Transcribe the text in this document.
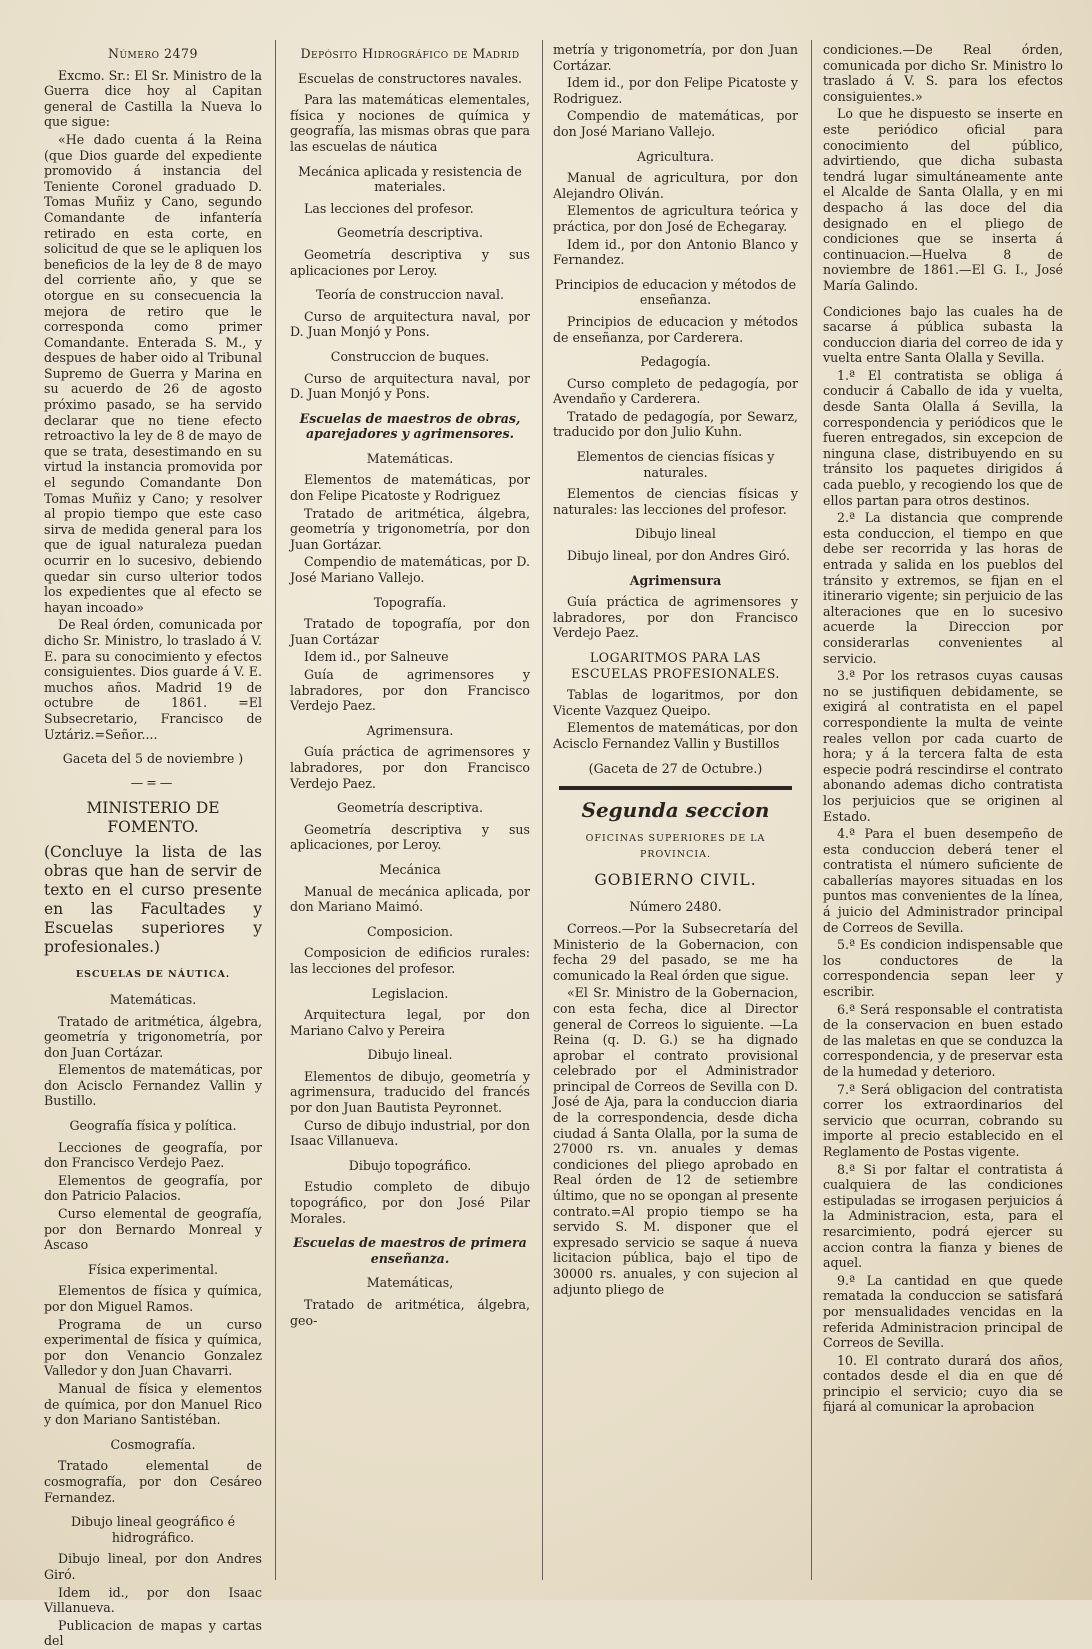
Número 2479

Excmo. Sr.: El Sr. Ministro de la Guerra dice hoy al Capitan general de Castilla la Nueva lo que sigue:

«He dado cuenta á la Reina (que Dios guarde del expediente promovido á instancia del Teniente Coronel graduado D. Tomas Muñiz y Cano, segundo Comandante de infantería retirado en esta corte, en solicitud de que se le apliquen los beneficios de la ley de 8 de mayo del corriente año, y que se otorgue en su consecuencia la mejora de retiro que le corresponda como primer Comandante. Enterada S. M., y despues de haber oido al Tribunal Supremo de Guerra y Marina en su acuerdo de 26 de agosto próximo pasado, se ha servido declarar que no tiene efecto retroactivo la ley de 8 de mayo de que se trata, desestimando en su virtud la instancia promovida por el segundo Comandante Don Tomas Muñiz y Cano; y resolver al propio tiempo que este caso sirva de medida general para los que de igual naturaleza puedan ocurrir en lo sucesivo, debiendo quedar sin curso ulterior todos los expedientes que al efecto se hayan incoado»

De Real órden, comunicada por dicho Sr. Ministro, lo traslado á V. E. para su conocimiento y efectos consiguientes. Dios guarde á V. E. muchos años. Madrid 19 de octubre de 1861. =El Subsecretario, Francisco de Uztáriz.=Señor....

Gaceta del 5 de noviembre )
—=—
MINISTERIO DE FOMENTO.
(Concluye la lista de las obras que han de servir de texto en el curso presente en las Facultades y Escuelas superiores y profesionales.)
ESCUELAS DE NÁUTICA.
Matemáticas.

Tratado de aritmética, álgebra, geometría y trigonometría, por don Juan Cortázar.

Elementos de matemáticas, por don Acisclo Fernandez Vallin y Bustillo.

Geografía física y política.

Lecciones de geografía, por don Francisco Verdejo Paez.

Elementos de geografía, por don Patricio Palacios.

Curso elemental de geografía, por don Bernardo Monreal y Ascaso

Física experimental.

Elementos de física y química, por don Miguel Ramos.

Programa de un curso experimental de física y química, por don Venancio Gonzalez Valledor y don Juan Chavarri.

Manual de física y elementos de química, por don Manuel Rico y don Mariano Santistéban.

Cosmografía.

Tratado elemental de cosmografía, por don Cesáreo Fernandez.

Dibujo lineal geográfico é hidrográfico.

Dibujo lineal, por don Andres Giró.

Idem id., por don Isaac Villanueva.

Publicacion de mapas y cartas del

Depósito Hidrográfico de Madrid
Escuelas de constructores navales.

Para las matemáticas elementales, física y nociones de química y geografía, las mismas obras que para las escuelas de náutica

Mecánica aplicada y resistencia de materiales.

Las lecciones del profesor.

Geometría descriptiva.

Geometría descriptiva y sus aplicaciones por Leroy.

Teoría de construccion naval.

Curso de arquitectura naval, por D. Juan Monjó y Pons.

Construccion de buques.

Curso de arquitectura naval, por D. Juan Monjó y Pons.

Escuelas de maestros de obras, aparejadores y agrimensores.
Matemáticas.

Elementos de matemáticas, por don Felipe Picatoste y Rodriguez

Tratado de aritmética, álgebra, geometría y trigonometría, por don Juan Gortázar.

Compendio de matemáticas, por D. José Mariano Vallejo.

Topografía.

Tratado de topografía, por don Juan Cortázar

Idem id., por Salneuve

Guía de agrimensores y labradores, por don Francisco Verdejo Paez.

Agrimensura.

Guía práctica de agrimensores y labradores, por don Francisco Verdejo Paez.

Geometría descriptiva.

Geometría descriptiva y sus aplicaciones, por Leroy.

Mecánica

Manual de mecánica aplicada, por don Mariano Maimó.

Composicion.

Composicion de edificios rurales: las lecciones del profesor.

Legislacion.

Arquitectura legal, por don Mariano Calvo y Pereira

Dibujo lineal.

Elementos de dibujo, geometría y agrimensura, traducido del francés por don Juan Bautista Peyronnet.

Curso de dibujo industrial, por don Isaac Villanueva.

Dibujo topográfico.

Estudio completo de dibujo topográfico, por don José Pilar Morales.

Escuelas de maestros de primera enseñanza.
Matemáticas,

Tratado de aritmética, álgebra, geo-

metría y trigonometría, por don Juan Cortázar.

Idem id., por don Felipe Picatoste y Rodriguez.

Compendio de matemáticas, por don José Mariano Vallejo.

Agricultura.

Manual de agricultura, por don Alejandro Oliván.

Elementos de agricultura teórica y práctica, por don José de Echegaray.

Idem id., por don Antonio Blanco y Fernandez.

Principios de educacion y métodos de enseñanza.

Principios de educacion y métodos de enseñanza, por Carderera.

Pedagogía.

Curso completo de pedagogía, por Avendaño y Carderera.

Tratado de pedagogía, por Sewarz, traducido por don Julio Kuhn.

Elementos de ciencias físicas y naturales.

Elementos de ciencias físicas y naturales: las lecciones del profesor.

Dibujo lineal

Dibujo lineal, por don Andres Giró.

Agrimensura

Guía práctica de agrimensores y labradores, por don Francisco Verdejo Paez.

LOGARITMOS PARA LAS ESCUELAS PROFESIONALES.

Tablas de logaritmos, por don Vicente Vazquez Queipo.

Elementos de matemáticas, por don Acisclo Fernandez Vallin y Bustillos

(Gaceta de 27 de Octubre.)
Segunda seccion
OFICINAS SUPERIORES DE LA PROVINCIA.
GOBIERNO CIVIL.
Número 2480.

Correos.—Por la Subsecretaría del Ministerio de la Gobernacion, con fecha 29 del pasado, se me ha comunicado la Real órden que sigue.

«El Sr. Ministro de la Gobernacion, con esta fecha, dice al Director general de Correos lo siguiente. —La Reina (q. D. G.) se ha dignado aprobar el contrato provisional celebrado por el Administrador principal de Correos de Sevilla con D. José de Aja, para la conduccion diaria de la correspondencia, desde dicha ciudad á Santa Olalla, por la suma de 27000 rs. vn. anuales y demas condiciones del pliego aprobado en Real órden de 12 de setiembre último, que no se opongan al presente contrato.=Al propio tiempo se ha servido S. M. disponer que el expresado servicio se saque á nueva licitacion pública, bajo el tipo de 30000 rs. anuales, y con sujecion al adjunto pliego de

condiciones.—De Real órden, comunicada por dicho Sr. Ministro lo traslado á V. S. para los efectos consiguientes.»

Lo que he dispuesto se inserte en este periódico oficial para conocimiento del público, advirtiendo, que dicha subasta tendrá lugar simultáneamente ante el Alcalde de Santa Olalla, y en mi despacho á las doce del dia designado en el pliego de condiciones que se inserta á continuacion.—Huelva 8 de noviembre de 1861.—El G. I., José María Galindo.

Condiciones bajo las cuales ha de sacarse á pública subasta la conduccion diaria del correo de ida y vuelta entre Santa Olalla y Sevilla.

1.ª El contratista se obliga á conducir á Caballo de ida y vuelta, desde Santa Olalla á Sevilla, la correspondencia y periódicos que le fueren entregados, sin excepcion de ninguna clase, distribuyendo en su tránsito los paquetes dirigidos á cada pueblo, y recogiendo los que de ellos partan para otros destinos.

2.ª La distancia que comprende esta conduccion, el tiempo en que debe ser recorrida y las horas de entrada y salida en los pueblos del tránsito y extremos, se fijan en el itinerario vigente; sin perjuicio de las alteraciones que en lo sucesivo acuerde la Direccion por considerarlas convenientes al servicio.

3.ª Por los retrasos cuyas causas no se justifiquen debidamente, se exigirá al contratista en el papel correspondiente la multa de veinte reales vellon por cada cuarto de hora; y á la tercera falta de esta especie podrá rescindirse el contrato abonando ademas dicho contratista los perjuicios que se originen al Estado.

4.ª Para el buen desempeño de esta conduccion deberá tener el contratista el número suficiente de caballerías mayores situadas en los puntos mas convenientes de la línea, á juicio del Administrador principal de Correos de Sevilla.

5.ª Es condicion indispensable que los conductores de la correspondencia sepan leer y escribir.

6.ª Será responsable el contratista de la conservacion en buen estado de las maletas en que se conduzca la correspondencia, y de preservar esta de la humedad y deterioro.

7.ª Será obligacion del contratista correr los extraordinarios del servicio que ocurran, cobrando su importe al precio establecido en el Reglamento de Postas vigente.

8.ª Si por faltar el contratista á cualquiera de las condiciones estipuladas se irrogasen perjuicios á la Administracion, esta, para el resarcimiento, podrá ejercer su accion contra la fianza y bienes de aquel.

9.ª La cantidad en que quede rematada la conduccion se satisfará por mensualidades vencidas en la referida Administracion principal de Correos de Sevilla.

10. El contrato durará dos años, contados desde el dia en que dé principio el servicio; cuyo dia se fijará al comunicar la aprobacion
